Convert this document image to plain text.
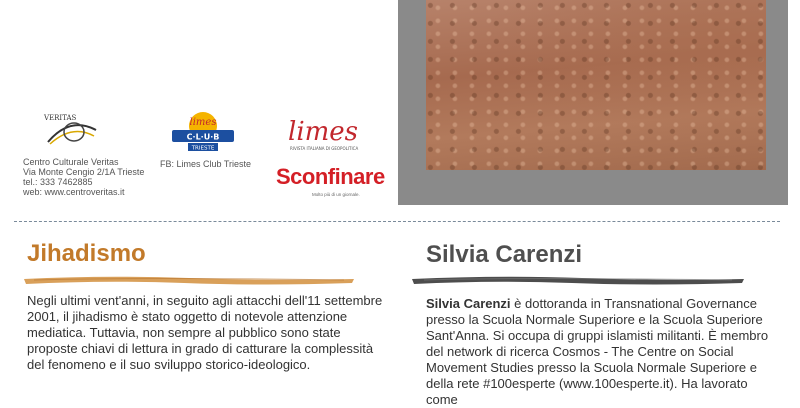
VERITAS
Centro Culturale Veritas
Via Monte Cengio 2/1A Trieste
tel.: 333 7462885
web: www.centroveritas.it
limes
C·L·U·B
TRIESTE
FB: Limes Club Trieste
limes
RIVISTA ITALIANA DI GEOPOLITICA
Sconfinare
Molto più di un giornale.
Jihadismo
Negli ultimi vent'anni, in seguito agli attacchi dell'11 settembre 2001, il jihadismo è stato oggetto di notevole attenzione mediatica. Tuttavia, non sempre al pubblico sono state proposte chiavi di lettura in grado di catturare la complessità del fenomeno e il suo sviluppo storico-ideologico.
Silvia Carenzi
Silvia Carenzi è dottoranda in Transnational Governance presso la Scuola Normale Superiore e la Scuola Superiore Sant'Anna. Si occupa di gruppi islamisti militanti. È membro del network di ricerca Cosmos - The Centre on Social Movement Studies presso la Scuola Normale Superiore e della rete #100esperte (www.100esperte.it). Ha lavorato come
